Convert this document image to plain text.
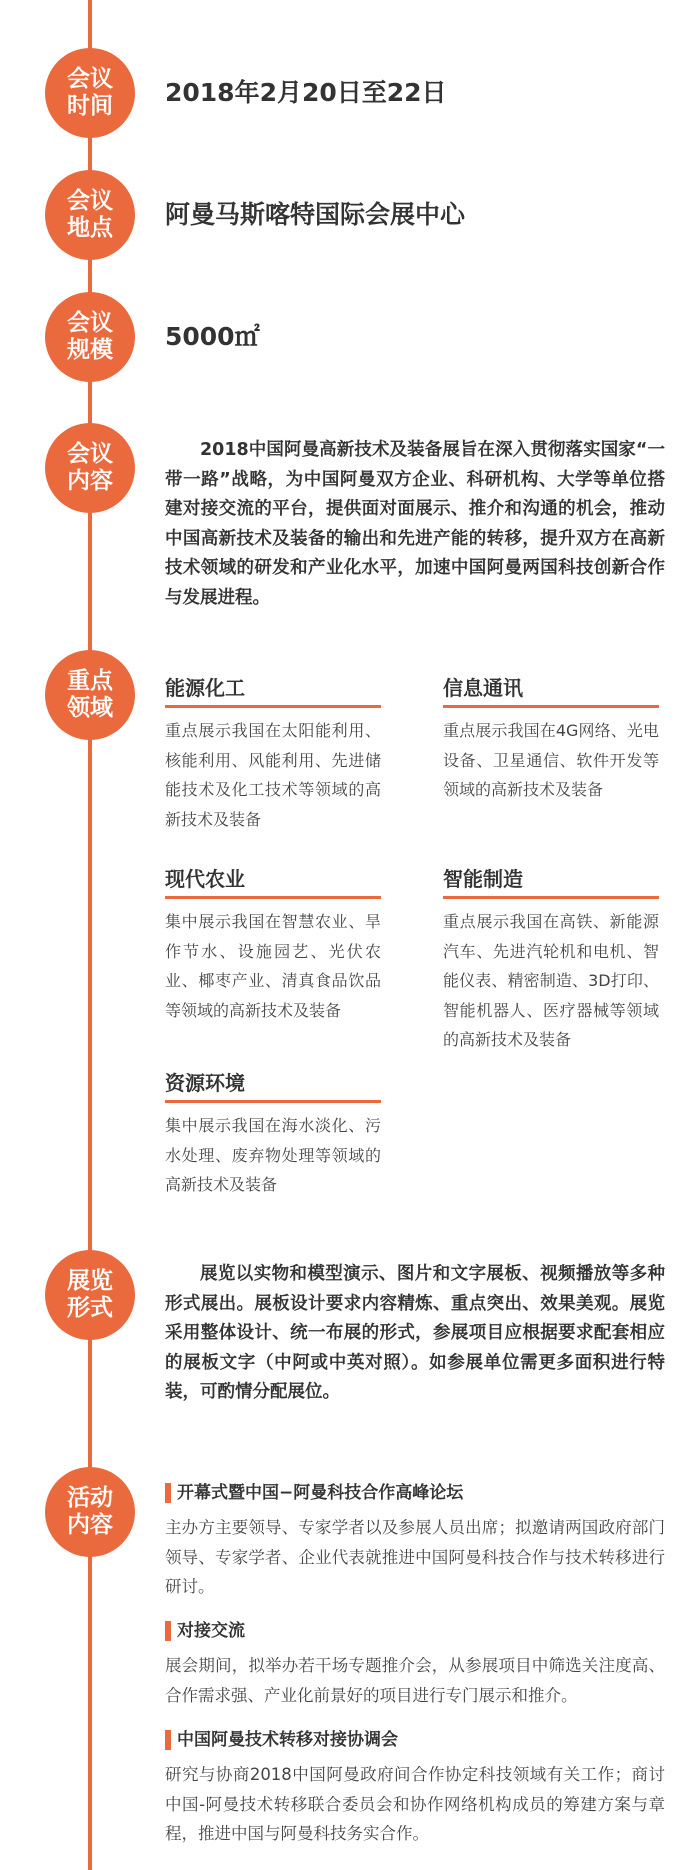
会议时间 2018年2月20日至22日
会议地点 阿曼马斯喀特国际会展中心
会议规模 5000㎡
会议内容
2018中国阿曼高新技术及装备展旨在深入贯彻落实国家“一带一路”战略，为中国阿曼双方企业、科研机构、大学等单位搭建对接交流的平台，提供面对面展示、推介和沟通的机会，推动中国高新技术及装备的输出和先进产能的转移，提升双方在高新技术领域的研发和产业化水平，加速中国阿曼两国科技创新合作与发展进程。
重点领域
能源化工
重点展示我国在太阳能利用、核能利用、风能利用、先进储能技术及化工技术等领域的高新技术及装备
信息通讯
重点展示我国在4G网络、光电设备、卫星通信、软件开发等领域的高新技术及装备
现代农业
集中展示我国在智慧农业、旱作节水、设施园艺、光伏农业、椰枣产业、清真食品饮品等领域的高新技术及装备
智能制造
重点展示我国在高铁、新能源汽车、先进汽轮机和电机、智能仪表、精密制造、3D打印、智能机器人、医疗器械等领域的高新技术及装备
资源环境
集中展示我国在海水淡化、污水处理、废弃物处理等领域的高新技术及装备
展览形式
展览以实物和模型演示、图片和文字展板、视频播放等多种形式展出。展板设计要求内容精炼、重点突出、效果美观。展览采用整体设计、统一布展的形式，参展项目应根据要求配套相应的展板文字（中阿或中英对照）。如参展单位需更多面积进行特装，可酌情分配展位。
活动内容
开幕式暨中国−阿曼科技合作高峰论坛
主办方主要领导、专家学者以及参展人员出席；拟邀请两国政府部门领导、专家学者、企业代表就推进中国阿曼科技合作与技术转移进行研讨。
对接交流
展会期间，拟举办若干场专题推介会，从参展项目中筛选关注度高、合作需求强、产业化前景好的项目进行专门展示和推介。
中国阿曼技术转移对接协调会
研究与协商2018中国阿曼政府间合作协定科技领域有关工作；商讨中国-阿曼技术转移联合委员会和协作网络机构成员的筹建方案与章程，推进中国与阿曼科技务实合作。
